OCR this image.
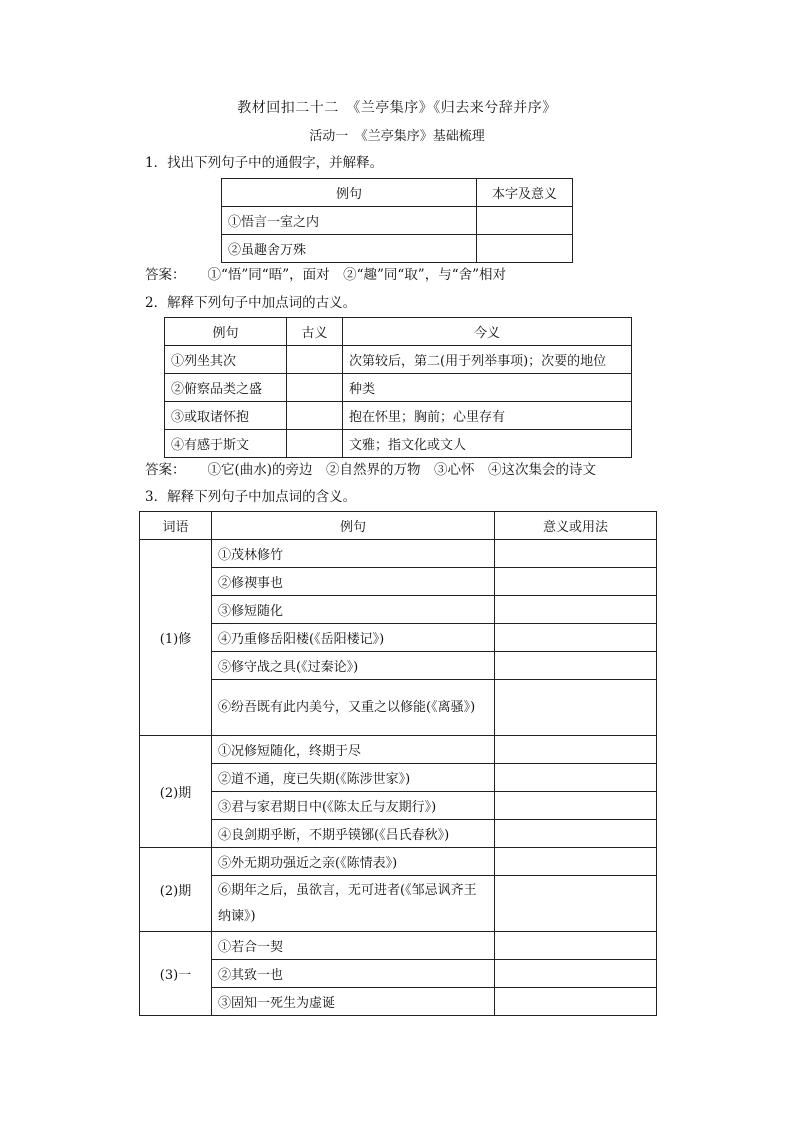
教材回扣二十二　《兰亭集序》《归去来兮辞并序》
活动一　《兰亭集序》基础梳理
1．找出下列句子中的通假字，并解释。
例句	本字及意义
①悟言一室之内	
②虽趣舍万殊	
答案： ①“悟”同“晤”，面对　②“趣”同“取”，与“舍”相对
2．解释下列句子中加点词的古义。
例句	古义	今义
①列坐其次		次第较后，第二(用于列举事项)；次要的地位
②俯察品类之盛		种类
③或取诸怀抱		抱在怀里；胸前；心里存有
④有感于斯文		文雅；指文化或文人
答案： ①它(曲水)的旁边　②自然界的万物　③心怀　④这次集会的诗文
3．解释下列句子中加点词的含义。
词语	例句	意义或用法
(1)修	①茂林修竹	
	②修禊事也	
	③修短随化	
	④乃重修岳阳楼(《岳阳楼记》)	
	⑤修守战之具(《过秦论》)	
	⑥纷吾既有此内美兮，又重之以修能(《离骚》)	
(2)期	①况修短随化，终期于尽	
	②道不通，度已失期(《陈涉世家》)	
	③君与家君期日中(《陈太丘与友期行》)	
	④良剑期乎断，不期乎镆铘(《吕氏春秋》)	
(2)期	⑤外无期功强近之亲(《陈情表》)	
	⑥期年之后，虽欲言，无可进者(《邹忌讽齐王纳谏》)	
(3)一	①若合一契	
	②其致一也	
	③固知一死生为虚诞	
